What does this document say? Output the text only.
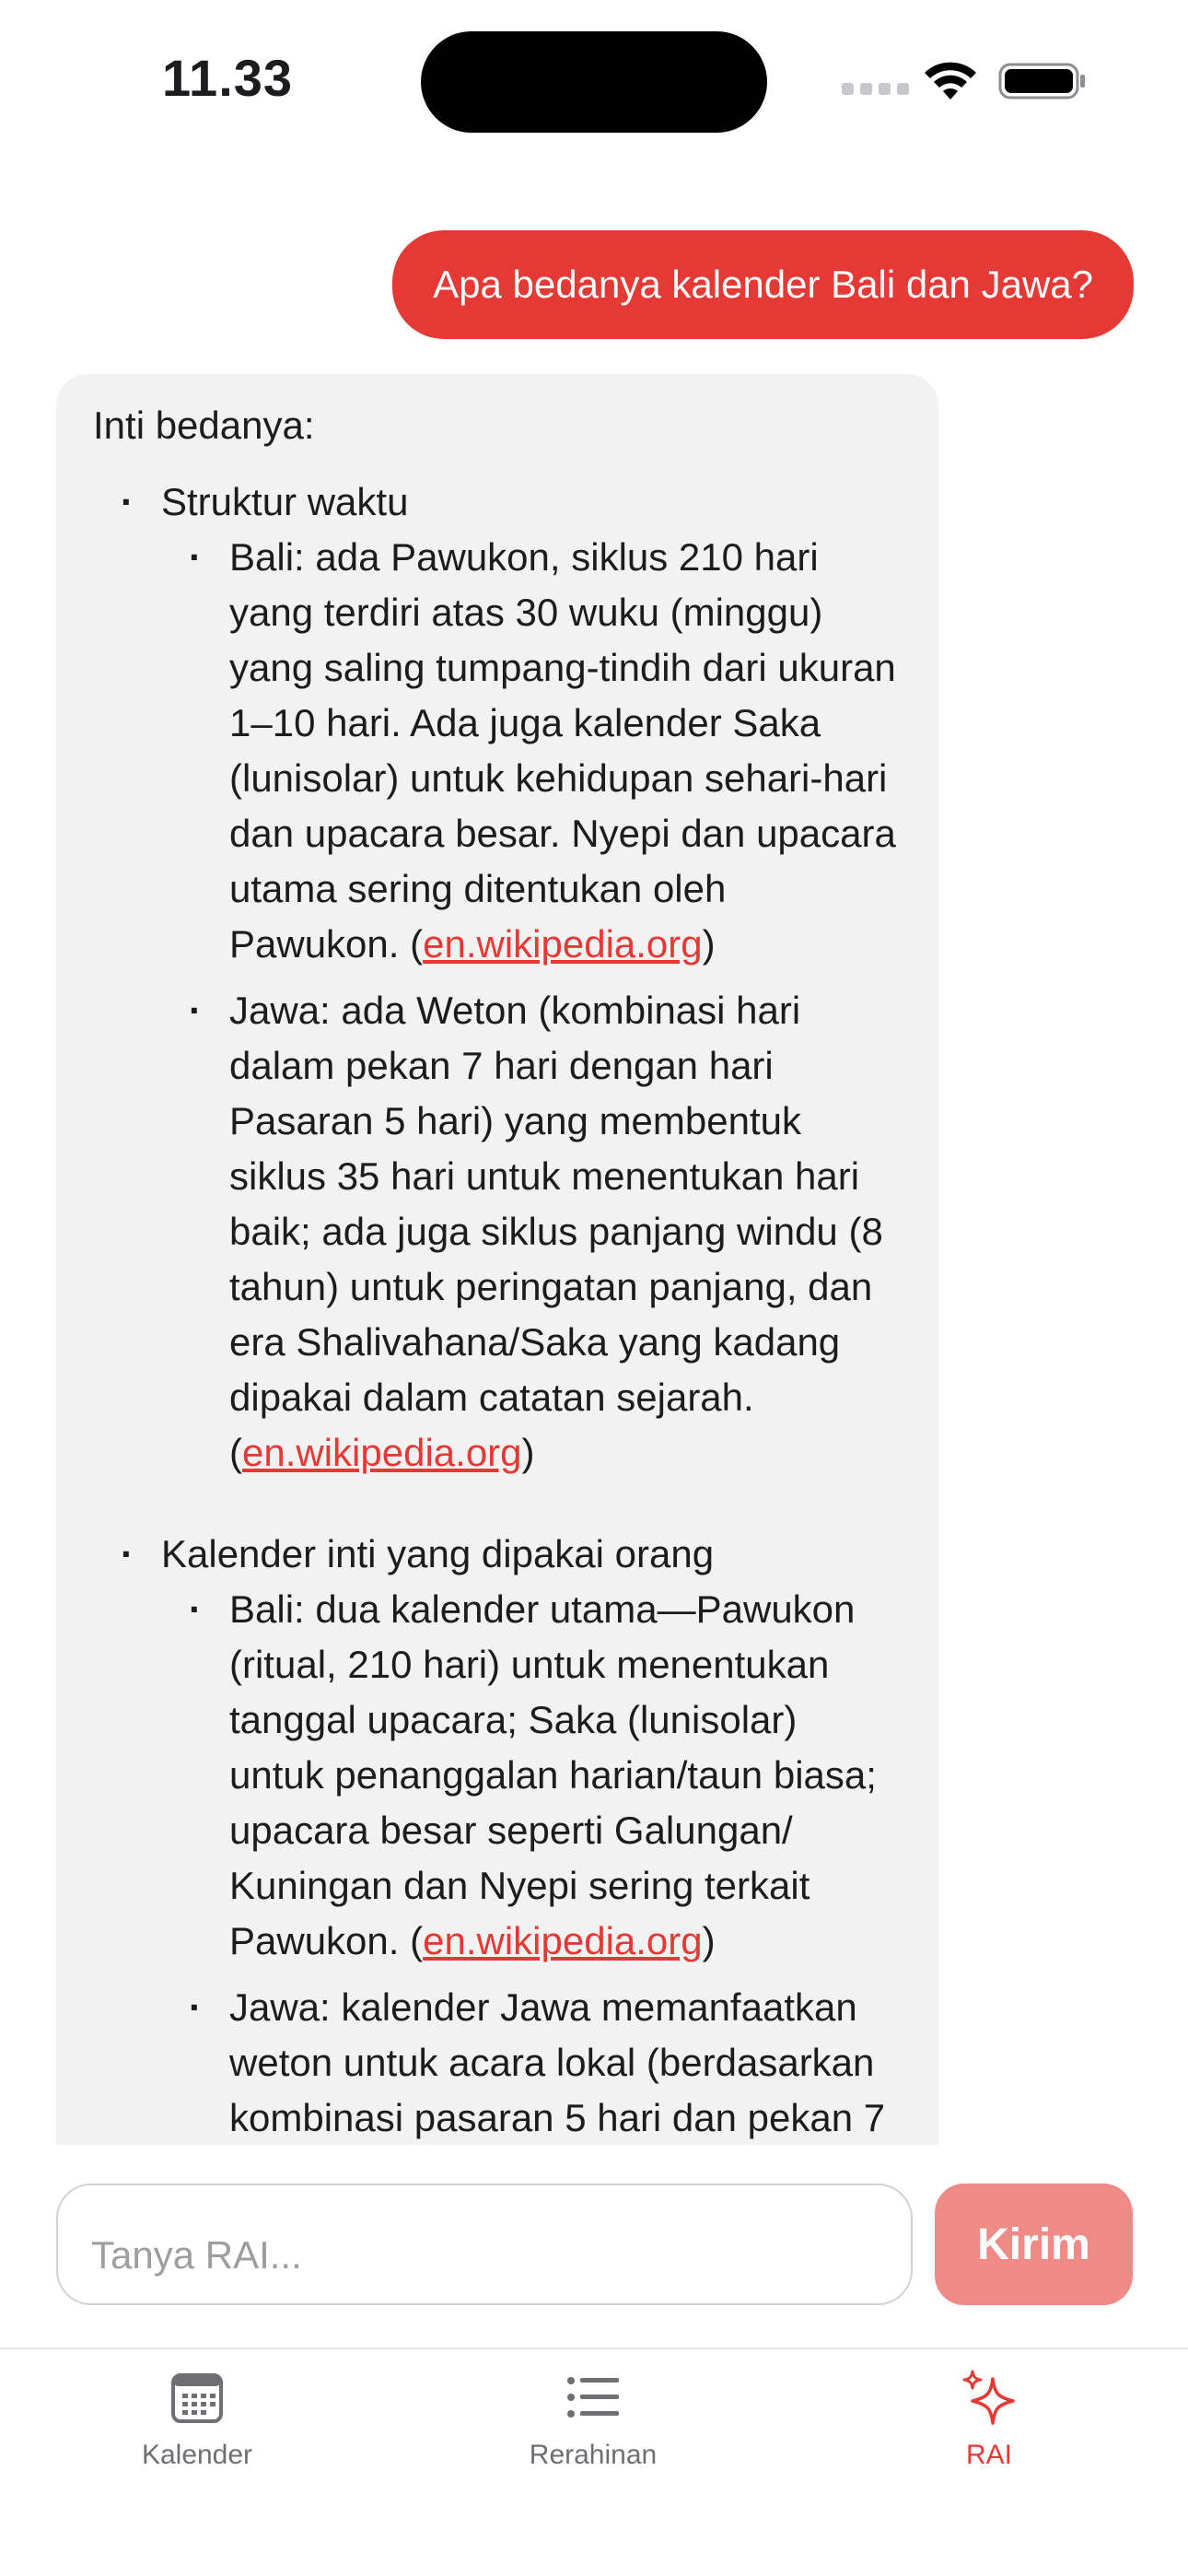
11.33
Apa bedanya kalender Bali dan Jawa?

Inti bedanya:

· Struktur waktu
· Bali: ada Pawukon, siklus 210 hari yang terdiri atas 30 wuku (minggu) yang saling tumpang-tindih dari ukuran 1–10 hari. Ada juga kalender Saka (lunisolar) untuk kehidupan sehari-hari dan upacara besar. Nyepi dan upacara utama sering ditentukan oleh Pawukon. (en.wikipedia.org)
· Jawa: ada Weton (kombinasi hari dalam pekan 7 hari dengan hari Pasaran 5 hari) yang membentuk siklus 35 hari untuk menentukan hari baik; ada juga siklus panjang windu (8 tahun) untuk peringatan panjang, dan era Shalivahana/Saka yang kadang dipakai dalam catatan sejarah. (en.wikipedia.org)
· Kalender inti yang dipakai orang
· Bali: dua kalender utama—Pawukon (ritual, 210 hari) untuk menentukan tanggal upacara; Saka (lunisolar) untuk penanggalan harian/taun biasa; upacara besar seperti Galungan/ Kuningan dan Nyepi sering terkait Pawukon. (en.wikipedia.org)
· Jawa: kalender Jawa memanfaatkan weton untuk acara lokal (berdasarkan kombinasi pasaran 5 hari dan pekan 7
Tanya RAI...
Kirim
Kalender	Rerahinan	RAI
